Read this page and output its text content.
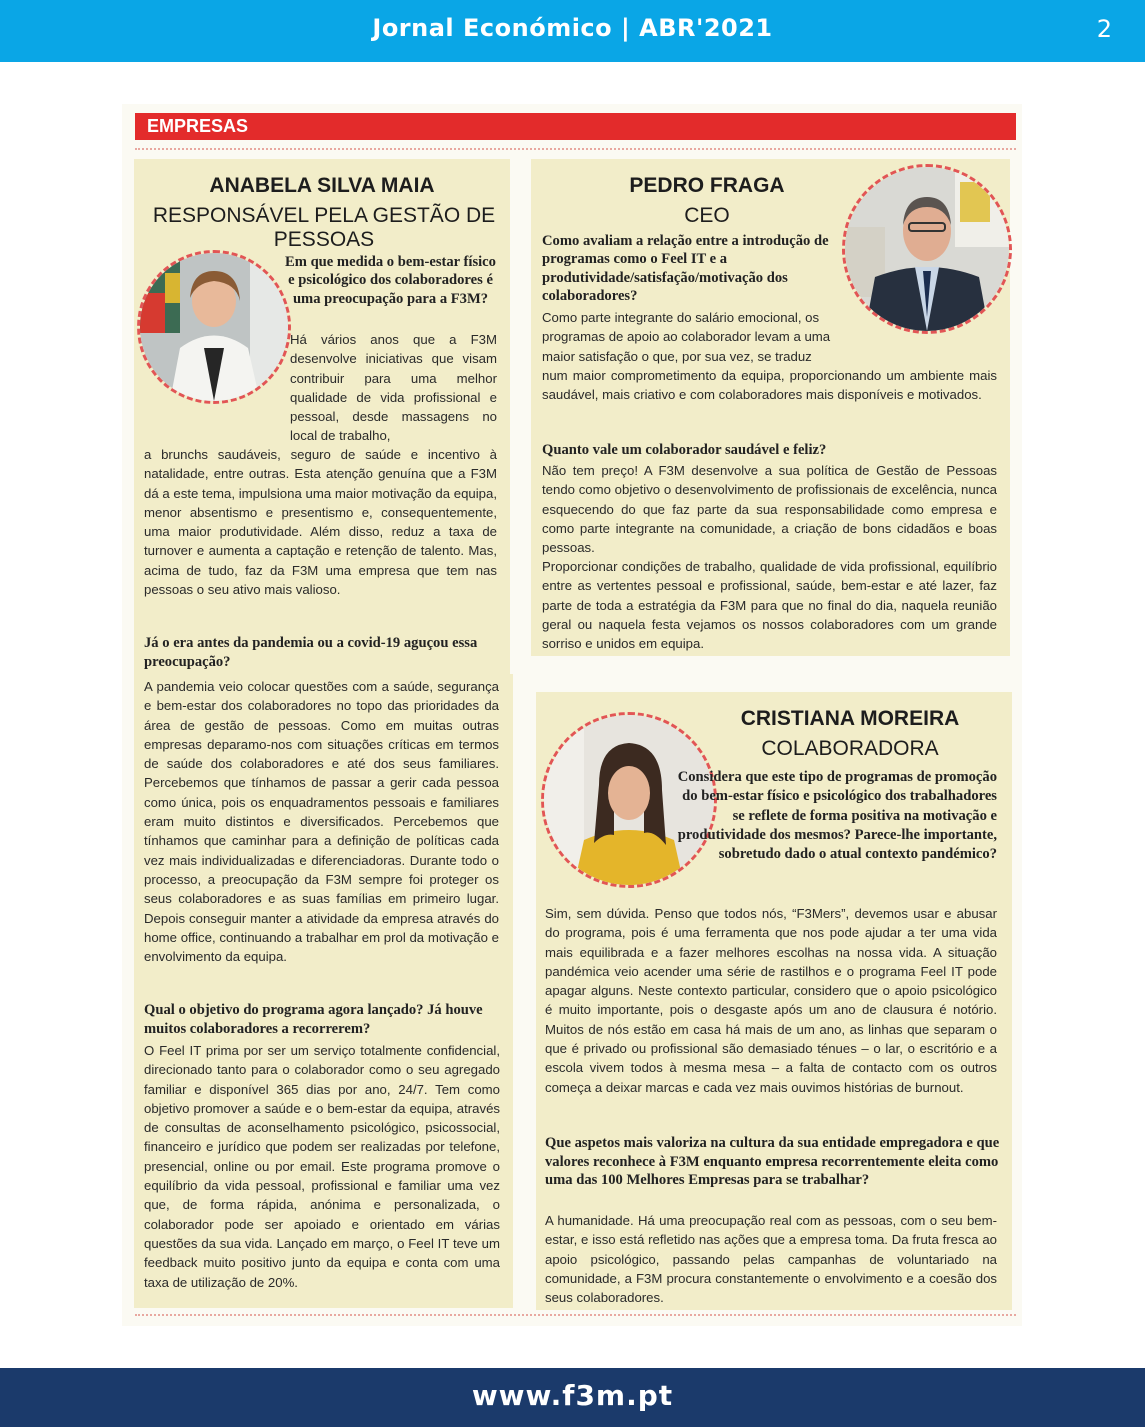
Jornal Económico | ABR'2021	2
EMPRESAS
ANABELA SILVA MAIA
RESPONSÁVEL PELA GESTÃO DE PESSOAS
Em que medida o bem-estar físico e psicológico dos colaboradores é uma preocupação para a F3M?
Há vários anos que a F3M desenvolve iniciativas que visam contribuir para uma melhor qualidade de vida profissional e pessoal, desde massagens no local de trabalho,
a brunchs saudáveis, seguro de saúde e incentivo à natalidade, entre outras. Esta atenção genuína que a F3M dá a este tema, impulsiona uma maior motivação da equipa, menor absentismo e presentismo e, consequentemente, uma maior produtividade. Além disso, reduz a taxa de turnover e aumenta a captação e retenção de talento. Mas, acima de tudo, faz da F3M uma empresa que tem nas pessoas o seu ativo mais valioso.
Já o era antes da pandemia ou a covid-19 aguçou essa preocupação?
A pandemia veio colocar questões com a saúde, segurança e bem-estar dos colaboradores no topo das prioridades da área de gestão de pessoas. Como em muitas outras empresas deparamo-nos com situações críticas em termos de saúde dos colaboradores e até dos seus familiares. Percebemos que tínhamos de passar a gerir cada pessoa como única, pois os enquadramentos pessoais e familiares eram muito distintos e diversificados. Percebemos que tínhamos que caminhar para a definição de políticas cada vez mais individualizadas e diferenciadoras. Durante todo o processo, a preocupação da F3M sempre foi proteger os seus colaboradores e as suas famílias em primeiro lugar. Depois conseguir manter a atividade da empresa através do home office, continuando a trabalhar em prol da motivação e envolvimento da equipa.
Qual o objetivo do programa agora lançado? Já houve muitos colaboradores a recorrerem?
O Feel IT prima por ser um serviço totalmente confidencial, direcionado tanto para o colaborador como o seu agregado familiar e disponível 365 dias por ano, 24/7. Tem como objetivo promover a saúde e o bem-estar da equipa, através de consultas de aconselhamento psicológico, psicossocial, financeiro e jurídico que podem ser realizadas por telefone, presencial, online ou por email. Este programa promove o equilíbrio da vida pessoal, profissional e familiar uma vez que, de forma rápida, anónima e personalizada, o colaborador pode ser apoiado e orientado em várias questões da sua vida. Lançado em março, o Feel IT teve um feedback muito positivo junto da equipa e conta com uma taxa de utilização de 20%.
PEDRO FRAGA
CEO
Como avaliam a relação entre a introdução de programas como o Feel IT e a produtividade/satisfação/motivação dos colaboradores?
Como parte integrante do salário emocional, os programas de apoio ao colaborador levam a uma maior satisfação o que, por sua vez, se traduz
num maior comprometimento da equipa, proporcionando um ambiente mais saudável, mais criativo e com colaboradores mais disponíveis e motivados.
Quanto vale um colaborador saudável e feliz?
Não tem preço! A F3M desenvolve a sua política de Gestão de Pessoas tendo como objetivo o desenvolvimento de profissionais de excelência, nunca esquecendo do que faz parte da sua responsabilidade como empresa e como parte integrante na comunidade, a criação de bons cidadãos e boas pessoas.
Proporcionar condições de trabalho, qualidade de vida profissional, equilíbrio entre as vertentes pessoal e profissional, saúde, bem-estar e até lazer, faz parte de toda a estratégia da F3M para que no final do dia, naquela reunião geral ou naquela festa vejamos os nossos colaboradores com um grande sorriso e unidos em equipa.
CRISTIANA MOREIRA
COLABORADORA
Considera que este tipo de programas de promoção do bem-estar físico e psicológico dos trabalhadores se reflete de forma positiva na motivação e produtividade dos mesmos? Parece-lhe importante, sobretudo dado o atual contexto pandémico?
Sim, sem dúvida. Penso que todos nós, “F3Mers”, devemos usar e abusar do programa, pois é uma ferramenta que nos pode ajudar a ter uma vida mais equilibrada e a fazer melhores escolhas na nossa vida. A situação pandémica veio acender uma série de rastilhos e o programa Feel IT pode apagar alguns. Neste contexto particular, considero que o apoio psicológico é muito importante, pois o desgaste após um ano de clausura é notório. Muitos de nós estão em casa há mais de um ano, as linhas que separam o que é privado ou profissional são demasiado ténues – o lar, o escritório e a escola vivem todos à mesma mesa – a falta de contacto com os outros começa a deixar marcas e cada vez mais ouvimos histórias de burnout.
Que aspetos mais valoriza na cultura da sua entidade empregadora e que valores reconhece à F3M enquanto empresa recorrentemente eleita como uma das 100 Melhores Empresas para se trabalhar?
A humanidade. Há uma preocupação real com as pessoas, com o seu bem-estar, e isso está refletido nas ações que a empresa toma. Da fruta fresca ao apoio psicológico, passando pelas campanhas de voluntariado na comunidade, a F3M procura constantemente o envolvimento e a coesão dos seus colaboradores.
www.f3m.pt
